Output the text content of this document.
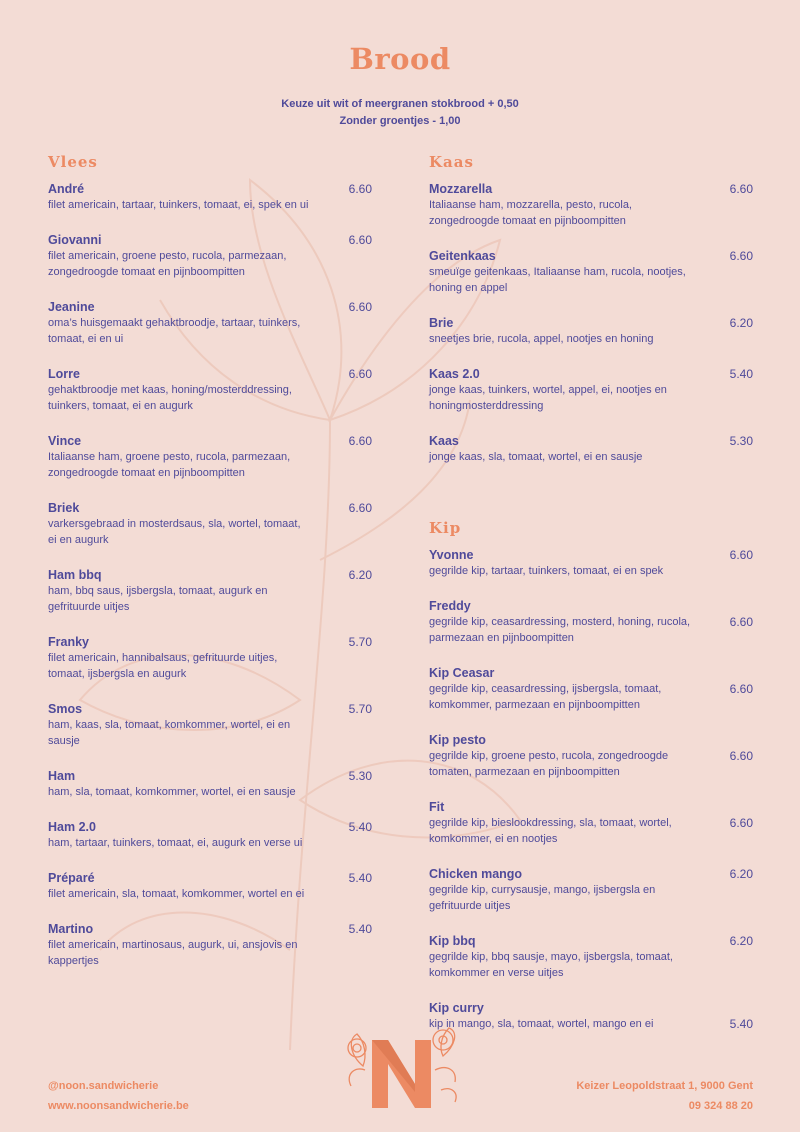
Brood
Keuze uit wit of meergranen stokbrood + 0,50
Zonder groentjes - 1,00
Vlees
André
filet americain, tartaar, tuinkers, tomaat, ei, spek en ui
6.60
Giovanni
filet americain, groene pesto, rucola, parmezaan, zongedroogde tomaat en pijnboompitten
6.60
Jeanine
oma’s huisgemaakt gehaktbroodje, tartaar, tuinkers, tomaat, ei en ui
6.60
Lorre
gehaktbroodje met kaas, honing/mosterddressing, tuinkers, tomaat, ei en augurk
6.60
Vince
Italiaanse ham, groene pesto, rucola, parmezaan, zongedroogde tomaat en pijnboompitten
6.60
Briek
varkersgebraad in mosterdsaus, sla, wortel, tomaat, ei en augurk
6.60
Ham bbq
ham, bbq saus, ijsbergsla, tomaat, augurk en gefrituurde uitjes
6.20
Franky
filet americain, hannibalsaus, gefrituurde uitjes, tomaat, ijsbergsla en augurk
5.70
Smos
ham, kaas, sla, tomaat, komkommer, wortel, ei en sausje
5.70
Ham
ham, sla, tomaat, komkommer, wortel, ei en sausje
5.30
Ham 2.0
ham, tartaar, tuinkers, tomaat, ei, augurk en verse ui
5.40
Préparé
filet americain, sla, tomaat, komkommer, wortel en ei
5.40
Martino
filet americain, martinosaus, augurk, ui, ansjovis en kappertjes
5.40
Kaas
Mozzarella
Italiaanse ham, mozzarella, pesto, rucola, zongedroogde tomaat en pijnboompitten
6.60
Geitenkaas
smeuïge geitenkaas, Italiaanse ham, rucola, nootjes, honing en appel
6.60
Brie
sneetjes brie, rucola, appel, nootjes en honing
6.20
Kaas 2.0
jonge kaas, tuinkers, wortel, appel, ei, nootjes en honingmosterddressing
5.40
Kaas
jonge kaas, sla, tomaat, wortel, ei en sausje
5.30
Kip
Yvonne
gegrilde kip, tartaar, tuinkers, tomaat, ei en spek
6.60
Freddy
gegrilde kip, ceasardressing, mosterd, honing, rucola, parmezaan en pijnboompitten
6.60
Kip Ceasar
gegrilde kip, ceasardressing, ijsbergsla, tomaat, komkommer, parmezaan en pijnboompitten
6.60
Kip pesto
gegrilde kip, groene pesto, rucola, zongedroogde tomaten, parmezaan en pijnboompitten
6.60
Fit
gegrilde kip, bieslookdressing, sla, tomaat, wortel, komkommer, ei en nootjes
6.60
Chicken mango
gegrilde kip, currysausje, mango, ijsbergsla en gefrituurde uitjes
6.20
Kip bbq
gegrilde kip, bbq sausje, mayo, ijsbergsla, tomaat, komkommer en verse uitjes
6.20
Kip curry
kip in mango, sla, tomaat, wortel, mango en ei	5.40
@noon.sandwicherie
www.noonsandwicherie.be
Keizer Leopoldstraat 1, 9000 Gent
09 324 88 20
